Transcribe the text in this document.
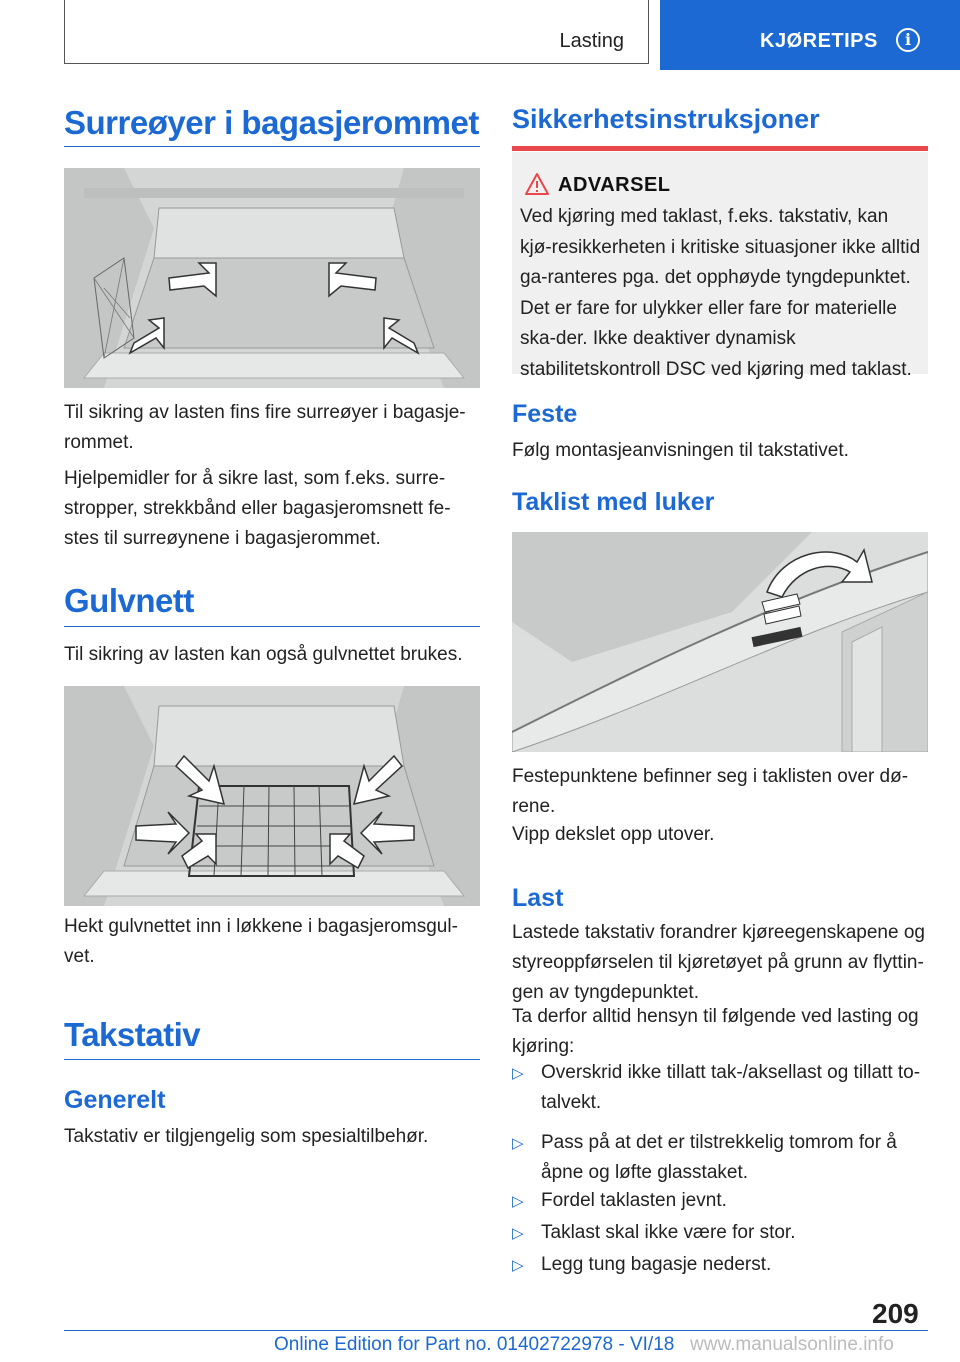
Lasting	KJØRETIPS	i
Surreøyer i bagasjerommet

Til sikring av lasten fins fire surreøyer i bagasje-rommet.

Hjelpemidler for å sikre last, som f.eks. surre-stropper, strekkbånd eller bagasjeromsnett fe-stes til surreøynene i bagasjerommet.

Gulvnett

Til sikring av lasten kan også gulvnettet brukes.

Hekt gulvnettet inn i løkkene i bagasjeromsgul-vet.

Takstativ
Generelt

Takstativ er tilgjengelig som spesialtilbehør.

Sikkerhetsinstruksjoner
ADVARSEL
Ved kjøring med taklast, f.eks. takstativ, kan kjø-resikkerheten i kritiske situasjoner ikke alltid ga-ranteres pga. det opphøyde tyngdepunktet. Det er fare for ulykker eller fare for materielle ska-der. Ikke deaktiver dynamisk stabilitetskontroll DSC ved kjøring med taklast.
Feste

Følg montasjeanvisningen til takstativet.

Taklist med luker

Festepunktene befinner seg i taklisten over dø-rene.

Vipp dekslet opp utover.

Last

Lastede takstativ forandrer kjøreegenskapene og styreoppførselen til kjøretøyet på grunn av flyttin-gen av tyngdepunktet.

Ta derfor alltid hensyn til følgende ved lasting og kjøring:

▷ Overskrid ikke tillatt tak-/aksellast og tillatt to-talvekt.
▷ Pass på at det er tilstrekkelig tomrom for å åpne og løfte glasstaket.
▷ Fordel taklasten jevnt.
▷ Taklast skal ikke være for stor.
▷ Legg tung bagasje nederst.
209
Online Edition for Part no. 01402722978 - VI/18 www.manualsonline.info
